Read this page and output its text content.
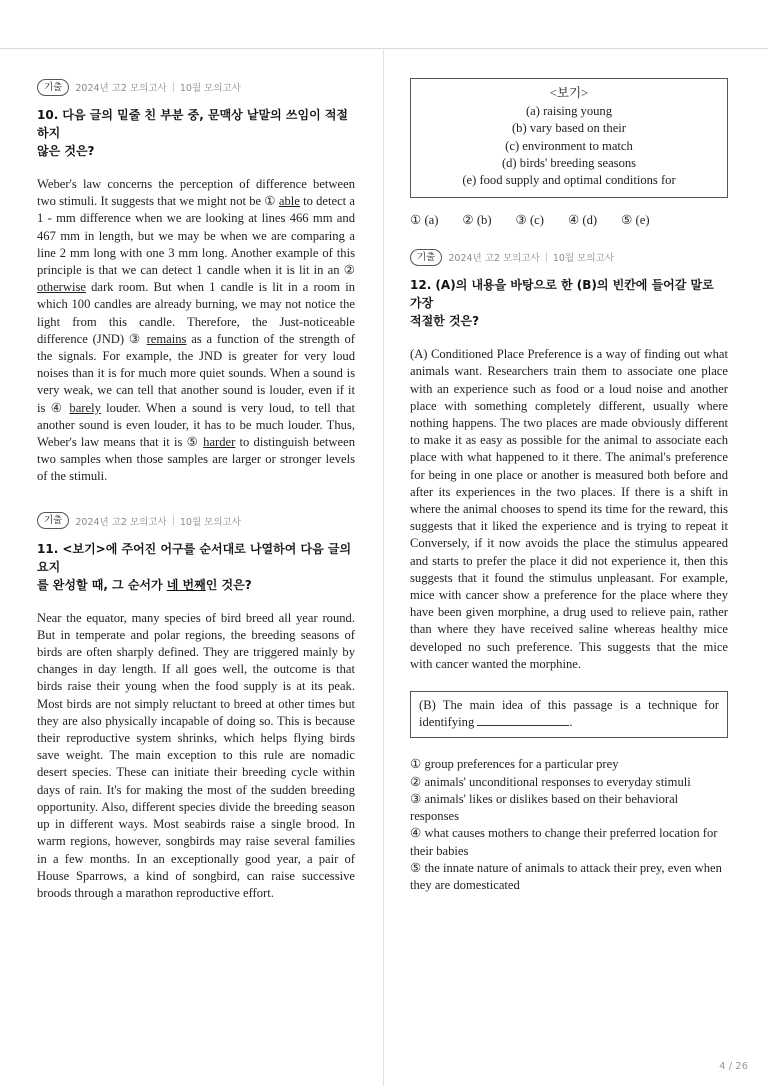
기출	2024년 고2 모의고사 | 10월 모의고사
10. 다음 글의 밑줄 친 부분 중, 문맥상 낱말의 쓰임이 적절하지
않은 것은?

Weber's law concerns the perception of difference between two stimuli. It suggests that we might not be ① able to detect a 1 - mm difference when we are looking at lines 466 mm and 467 mm in length, but we may be when we are comparing a line 2 mm long with one 3 mm long. Another example of this principle is that we can detect 1 candle when it is lit in an ② otherwise dark room. But when 1 candle is lit in a room in which 100 candles are already burning, we may not notice the light from this candle. Therefore, the Just-noticeable difference (JND) ③ remains as a function of the strength of the signals. For example, the JND is greater for very loud noises than it is for much more quiet sounds. When a sound is very weak, we can tell that another sound is louder, even if it is ④ barely louder. When a sound is very loud, to tell that another sound is even louder, it has to be much louder. Thus, Weber's law means that it is ⑤ harder to distinguish between two samples when those samples are larger or stronger levels of the stimuli.

기출	2024년 고2 모의고사 | 10월 모의고사
11. <보기>에 주어진 어구를 순서대로 나열하여 다음 글의 요지
를 완성할 때, 그 순서가 네 번째인 것은?

Near the equator, many species of bird breed all year round. But in temperate and polar regions, the breeding seasons of birds are often sharply defined. They are triggered mainly by changes in day length. If all goes well, the outcome is that birds raise their young when the food supply is at its peak. Most birds are not simply reluctant to breed at other times but they are also physically incapable of doing so. This is because their reproductive system shrinks, which helps flying birds save weight. The main exception to this rule are nomadic desert species. These can initiate their breeding cycle within days of rain. It's for making the most of the sudden breeding opportunity. Also, different species divide the breeding season up in different ways. Most seabirds raise a single brood. In warm regions, however, songbirds may raise several families in a few months. In an exceptionally good year, a pair of House Sparrows, a kind of songbird, can raise successive broods through a marathon reproductive effort.

<보기>
(a) raising young
(b) vary based on their
(c) environment to match
(d) birds' breeding seasons
(e) food supply and optimal conditions for
① (a) ② (b) ③ (c) ④ (d) ⑤ (e)
기출	2024년 고2 모의고사 | 10월 모의고사
12. (A)의 내용을 바탕으로 한 (B)의 빈칸에 들어갈 말로 가장
적절한 것은?

(A) Conditioned Place Preference is a way of finding out what animals want. Researchers train them to associate one place with an experience such as food or a loud noise and another place with something completely different, usually where nothing happens. The two places are made obviously different to make it as easy as possible for the animal to associate each place with what happened to it there. The animal's preference for being in one place or another is measured both before and after its experiences in the two places. If there is a shift in where the animal chooses to spend its time for the reward, this suggests that it liked the experience and is trying to repeat it Conversely, if it now avoids the place the stimulus appeared and starts to prefer the place it did not experience it, then this suggests that it found the stimulus unpleasant. For example, mice with cancer show a preference for the place where they have been given morphine, a drug used to relieve pain, rather than where they have received saline whereas healthy mice developed no such preference. This suggests that the mice with cancer wanted the morphine.

(B) The main idea of this passage is a technique for identifying	.
① group preferences for a particular prey
② animals' unconditional responses to everyday stimuli
③ animals' likes or dislikes based on their behavioral responses
④ what causes mothers to change their preferred location for their babies
⑤ the innate nature of animals to attack their prey, even when they are domesticated
4 / 26
